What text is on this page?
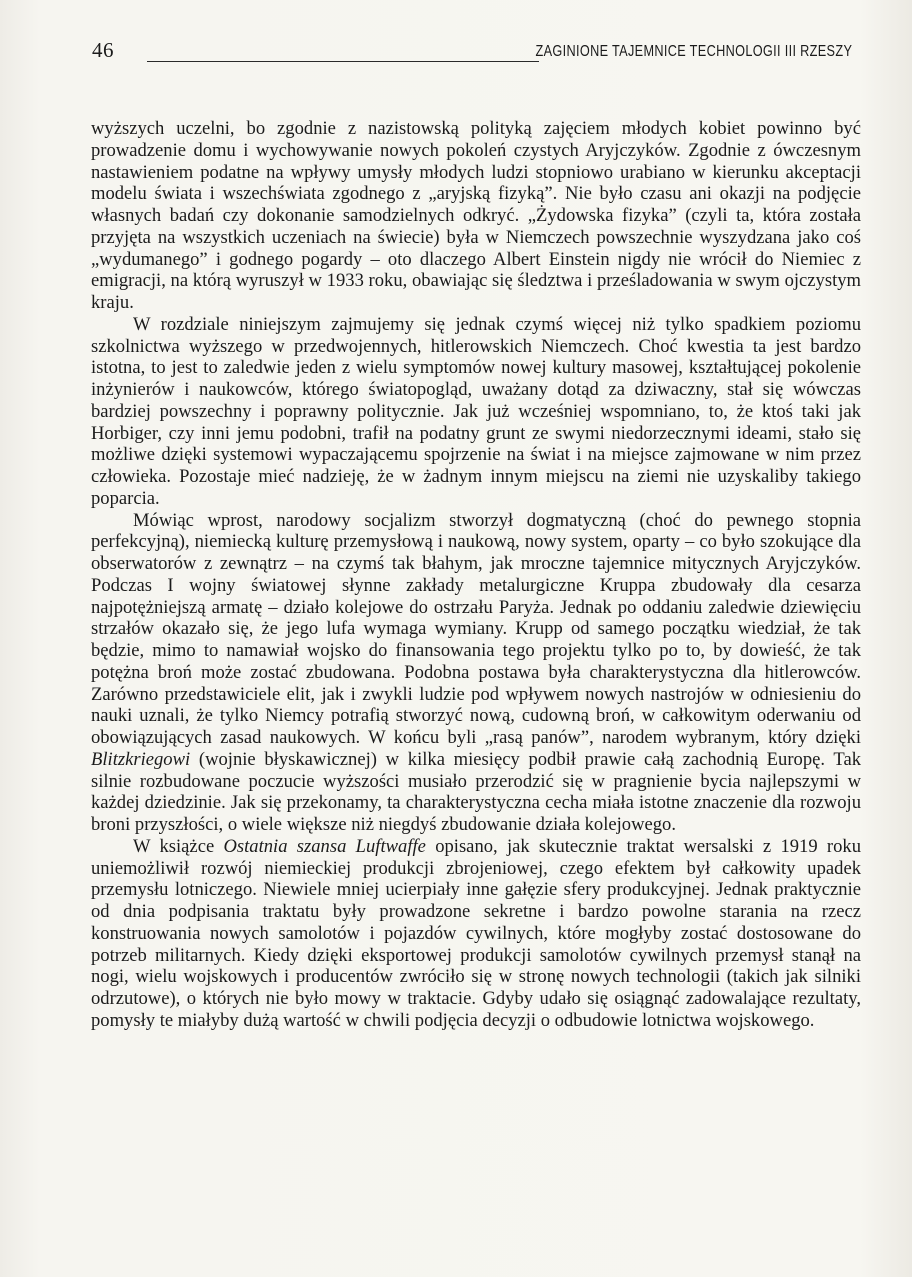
46	ZAGINIONE TAJEMNICE TECHNOLOGII III RZESZY

wyższych uczelni, bo zgodnie z nazistowską polityką zajęciem młodych kobiet powinno być prowadzenie domu i wychowywanie nowych pokoleń czystych Aryjczyków. Zgodnie z ówczesnym nastawieniem podatne na wpływy umysły młodych ludzi stopniowo urabiano w kierunku akceptacji modelu świata i wszechświata zgodnego z „aryjską fizyką”. Nie było czasu ani okazji na podjęcie własnych badań czy dokonanie samodzielnych odkryć. „Żydowska fizyka” (czyli ta, która została przyjęta na wszystkich uczeniach na świecie) była w Niemczech powszechnie wyszydzana jako coś „wydumanego” i godnego pogardy – oto dlaczego Albert Einstein nigdy nie wrócił do Niemiec z emigracji, na którą wyruszył w 1933 roku, obawiając się śledztwa i prześladowania w swym ojczystym kraju.

W rozdziale niniejszym zajmujemy się jednak czymś więcej niż tylko spadkiem poziomu szkolnictwa wyższego w przedwojennych, hitlerowskich Niemczech. Choć kwestia ta jest bardzo istotna, to jest to zaledwie jeden z wielu symptomów nowej kultury masowej, kształtującej pokolenie inżynierów i naukowców, którego światopogląd, uważany dotąd za dziwaczny, stał się wówczas bardziej powszechny i poprawny politycznie. Jak już wcześniej wspomniano, to, że ktoś taki jak Horbiger, czy inni jemu podobni, trafił na podatny grunt ze swymi niedorzecznymi ideami, stało się możliwe dzięki systemowi wypaczającemu spojrzenie na świat i na miejsce zajmowane w nim przez człowieka. Pozostaje mieć nadzieję, że w żadnym innym miejscu na ziemi nie uzyskaliby takiego poparcia.

Mówiąc wprost, narodowy socjalizm stworzył dogmatyczną (choć do pewnego stopnia perfekcyjną), niemiecką kulturę przemysłową i naukową, nowy system, oparty – co było szokujące dla obserwatorów z zewnątrz – na czymś tak błahym, jak mroczne tajemnice mitycznych Aryjczyków. Podczas I wojny światowej słynne zakłady metalurgiczne Kruppa zbudowały dla cesarza najpotężniejszą armatę – działo kolejowe do ostrzału Paryża. Jednak po oddaniu zaledwie dziewięciu strzałów okazało się, że jego lufa wymaga wymiany. Krupp od samego początku wiedział, że tak będzie, mimo to namawiał wojsko do finansowania tego projektu tylko po to, by dowieść, że tak potężna broń może zostać zbudowana. Podobna postawa była charakterystyczna dla hitlerowców. Zarówno przedstawiciele elit, jak i zwykli ludzie pod wpływem nowych nastrojów w odniesieniu do nauki uznali, że tylko Niemcy potrafią stworzyć nową, cudowną broń, w całkowitym oderwaniu od obowiązujących zasad naukowych. W końcu byli „rasą panów”, narodem wybranym, który dzięki Blitzkriegowi (wojnie błyskawicznej) w kilka miesięcy podbił prawie całą zachodnią Europę. Tak silnie rozbudowane poczucie wyższości musiało przerodzić się w pragnienie bycia najlepszymi w każdej dziedzinie. Jak się przekonamy, ta charakterystyczna cecha miała istotne znaczenie dla rozwoju broni przyszłości, o wiele większe niż niegdyś zbudowanie działa kolejowego.

W książce Ostatnia szansa Luftwaffe opisano, jak skutecznie traktat wersalski z 1919 roku uniemożliwił rozwój niemieckiej produkcji zbrojeniowej, czego efektem był całkowity upadek przemysłu lotniczego. Niewiele mniej ucierpiały inne gałęzie sfery produkcyjnej. Jednak praktycznie od dnia podpisania traktatu były prowadzone sekretne i bardzo powolne starania na rzecz konstruowania nowych samolotów i pojazdów cywilnych, które mogłyby zostać dostosowane do potrzeb militarnych. Kiedy dzięki eksportowej produkcji samolotów cywilnych przemysł stanął na nogi, wielu wojskowych i producentów zwróciło się w stronę nowych technologii (takich jak silniki odrzutowe), o których nie było mowy w traktacie. Gdyby udało się osiągnąć zadowalające rezultaty, pomysły te miałyby dużą wartość w chwili podjęcia decyzji o odbudowie lotnictwa wojskowego.
